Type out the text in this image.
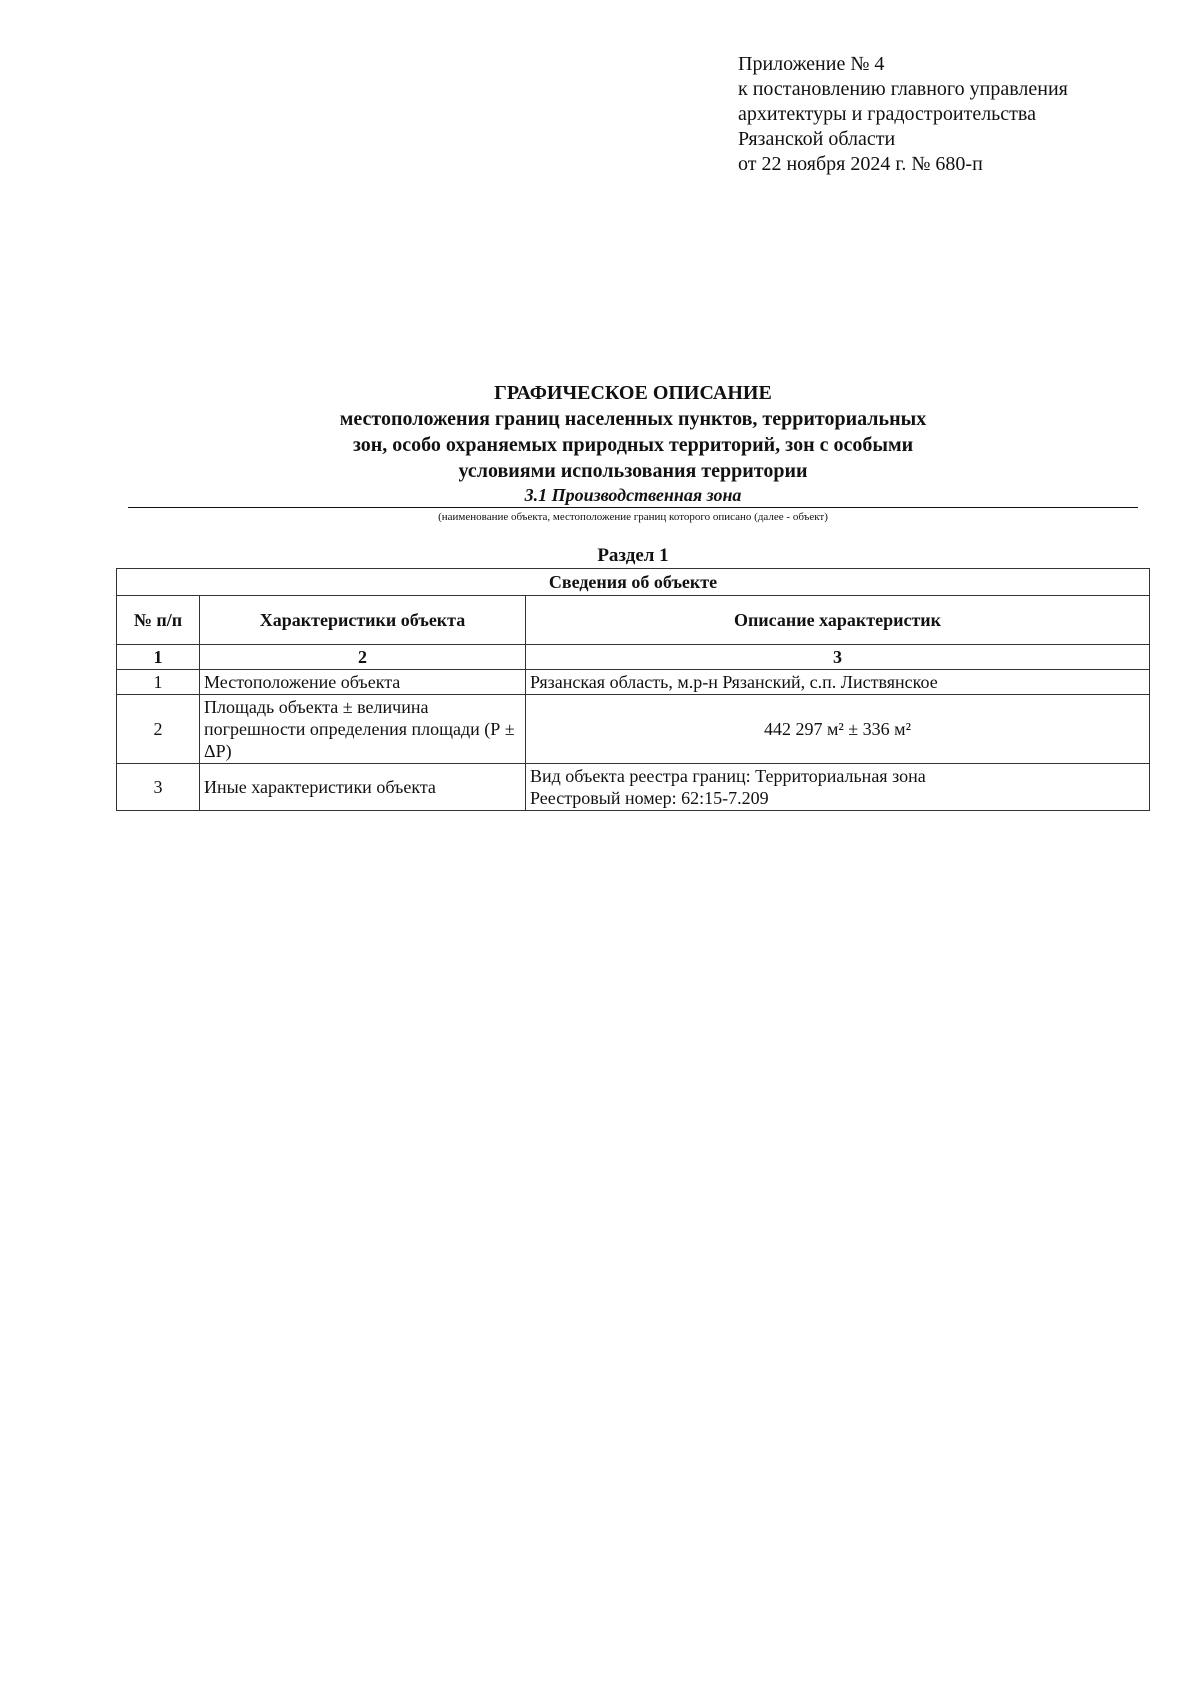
Приложение № 4
к постановлению главного управления
архитектуры и градостроительства
Рязанской области
от 22 ноября 2024 г. № 680-п
ГРАФИЧЕСКОЕ ОПИСАНИЕ
местоположения границ населенных пунктов, территориальных
зон, особо охраняемых природных территорий, зон с особыми
условиями использования территории
3.1 Производственная зона
(наименование объекта, местоположение границ которого описано (далее - объект)
Раздел 1
Сведения об объекте		
№ п/п	Характеристики объекта	Описание характеристик
1	2	3
1	Местоположение объекта	Рязанская область, м.р-н Рязанский, с.п. Листвянское

2	Площадь объекта ± величина погрешности определения площади (Р ± ΔР)	442 297 м² ± 336 м²

3	Иные характеристики объекта	Вид объекта реестра границ: Территориальная зона
Реестровый номер: 62:15-7.209
